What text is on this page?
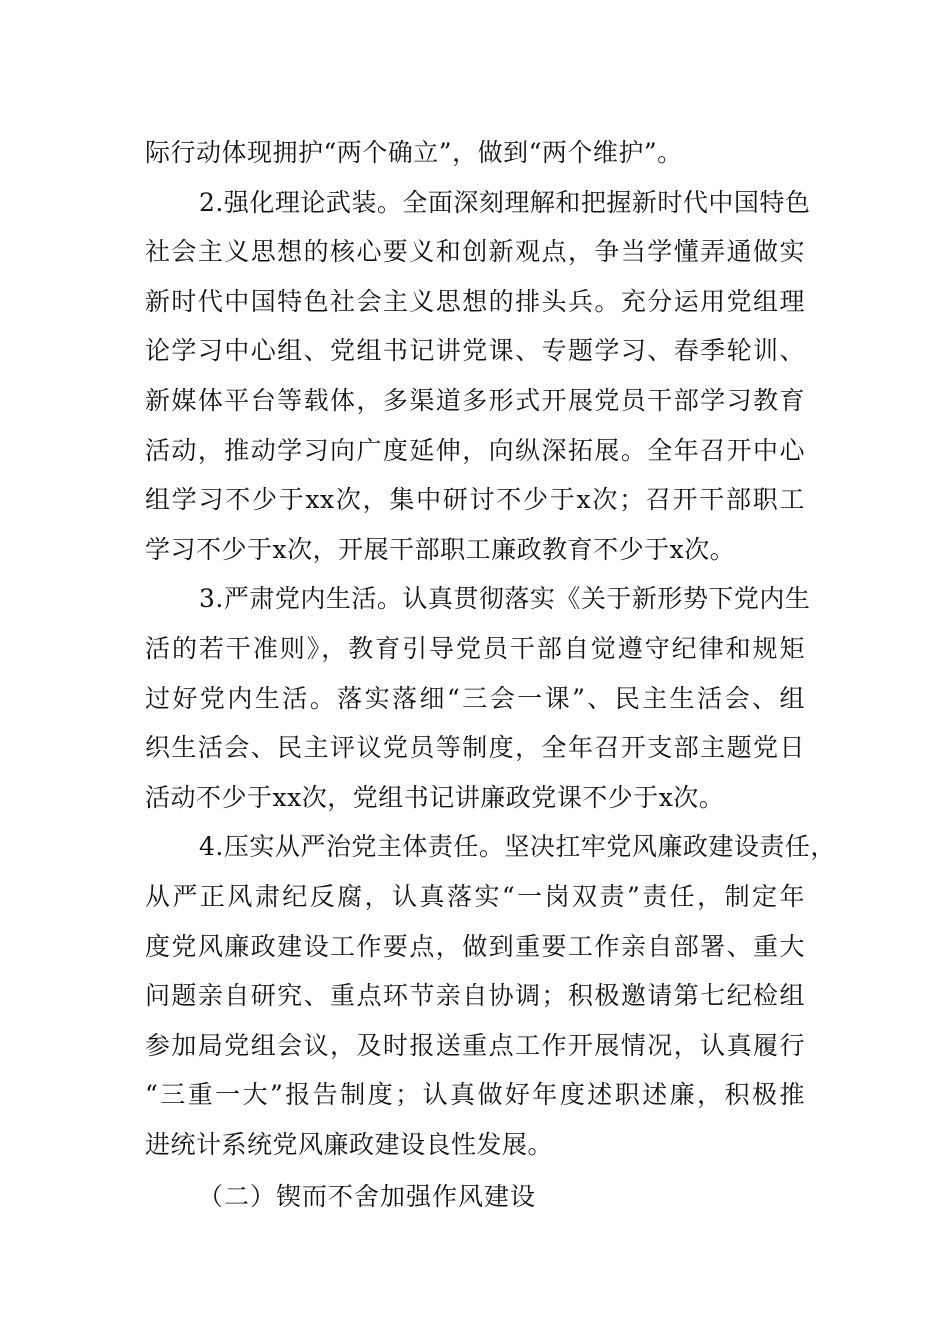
际行动体现拥护“两个确立”，做到“两个维护”。
2.强化理论武装。全面深刻理解和把握新时代中国特色
社会主义思想的核心要义和创新观点，争当学懂弄通做实
新时代中国特色社会主义思想的排头兵。充分运用党组理
论学习中心组、党组书记讲党课、专题学习、春季轮训、
新媒体平台等载体，多渠道多形式开展党员干部学习教育
活动，推动学习向广度延伸，向纵深拓展。全年召开中心
组学习不少于xx次，集中研讨不少于x次；召开干部职工
学习不少于x次，开展干部职工廉政教育不少于x次。
3.严肃党内生活。认真贯彻落实《关于新形势下党内生
活的若干准则》，教育引导党员干部自觉遵守纪律和规矩
过好党内生活。落实落细“三会一课”、民主生活会、组
织生活会、民主评议党员等制度，全年召开支部主题党日
活动不少于xx次，党组书记讲廉政党课不少于x次。
4.压实从严治党主体责任。坚决扛牢党风廉政建设责任，
从严正风肃纪反腐，认真落实“一岗双责”责任，制定年
度党风廉政建设工作要点，做到重要工作亲自部署、重大
问题亲自研究、重点环节亲自协调；积极邀请第七纪检组
参加局党组会议，及时报送重点工作开展情况，认真履行
“三重一大”报告制度；认真做好年度述职述廉，积极推
进统计系统党风廉政建设良性发展。
（二）锲而不舍加强作风建设
